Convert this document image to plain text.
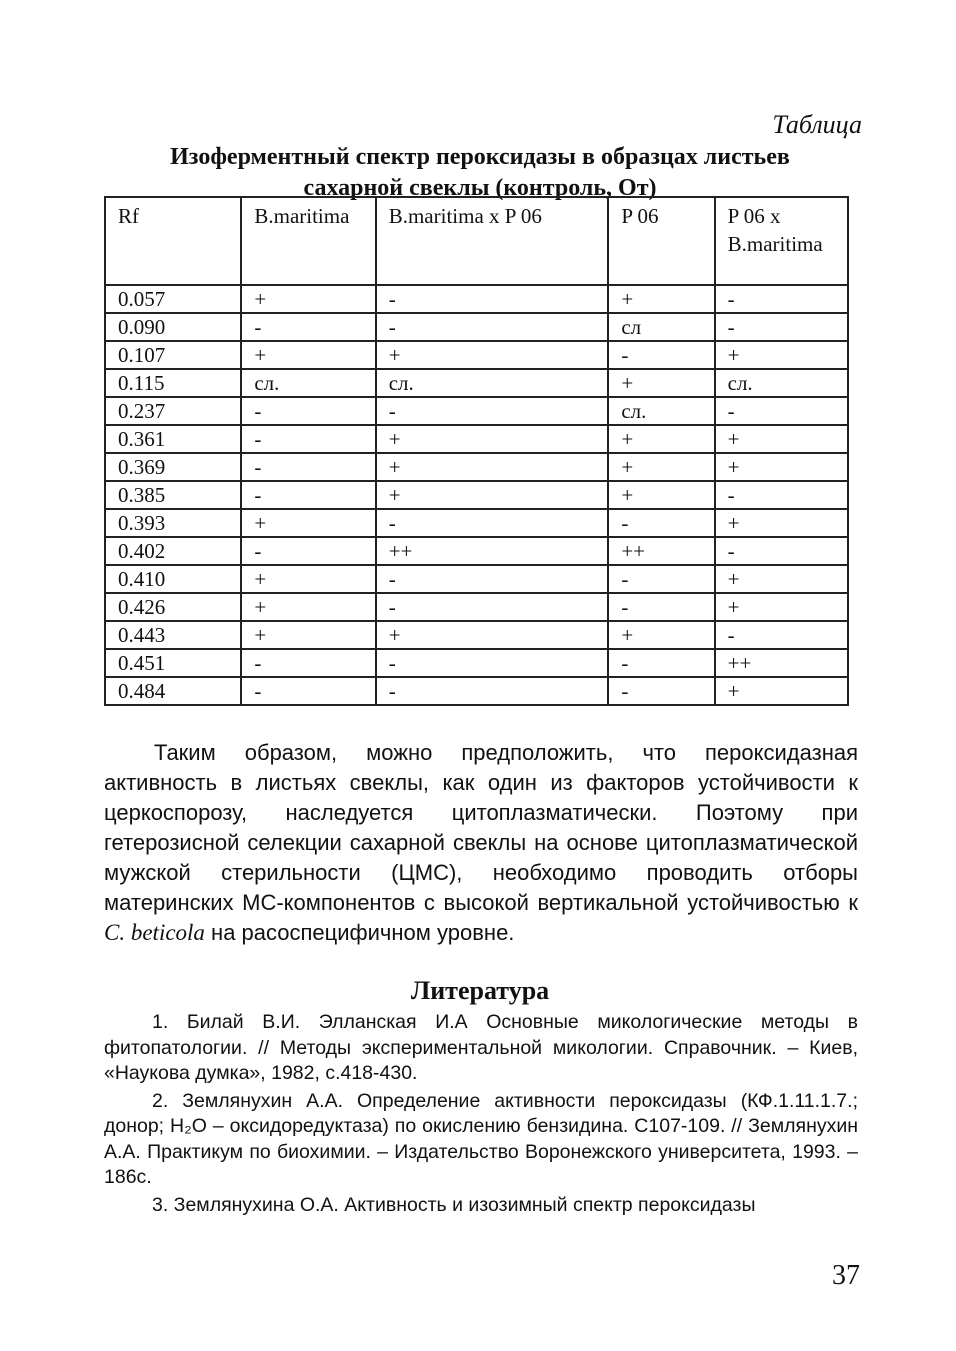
Таблица
Изоферментный спектр пероксидазы в образцах листьев
сахарной свеклы (контроль, Oт)
Rf	B.maritima	B.maritima x P 06	P 06	P 06 x B.maritima
0.057	+	-	+	-
0.090	-	-	сл	-
0.107	+	+	-	+
0.115	сл.	сл.	+	сл.
0.237	-	-	сл.	-
0.361	-	+	+	+
0.369	-	+	+	+
0.385	-	+	+	-
0.393	+	-	-	+
0.402	-	++	++	-
0.410	+	-	-	+
0.426	+	-	-	+
0.443	+	+	+	-
0.451	-	-	-	++
0.484	-	-	-	+
Таким образом, можно предположить, что пероксидазная активность в листьях свеклы, как один из факторов устойчивости к церкоспорозу, наследуется цитоплазматически. Поэтому при гетерозисной селекции сахарной свеклы на основе цитоплазматической мужской стерильности (ЦМС), необходимо проводить отборы материнских МС-компонентов с высокой вертикальной устойчивостью к C. beticola на расоспецифичном уровне.
Литература

1. Билай В.И. Элланская И.А Основные микологические методы в фитопатологии. // Методы экспериментальной микологии. Справочник. – Киев, «Наукова думка», 1982, с.418-430.

2. Землянухин А.А. Определение активности пероксидазы (КФ.1.11.1.7.; донор; H₂O – оксидоредуктаза) по окислению бензидина. С107-109. // Землянухин А.А. Практикум по биохимии. – Издательство Воронежского университета, 1993. – 186с.

3. Землянухина О.А. Активность и изозимный спектр пероксидазы

37
